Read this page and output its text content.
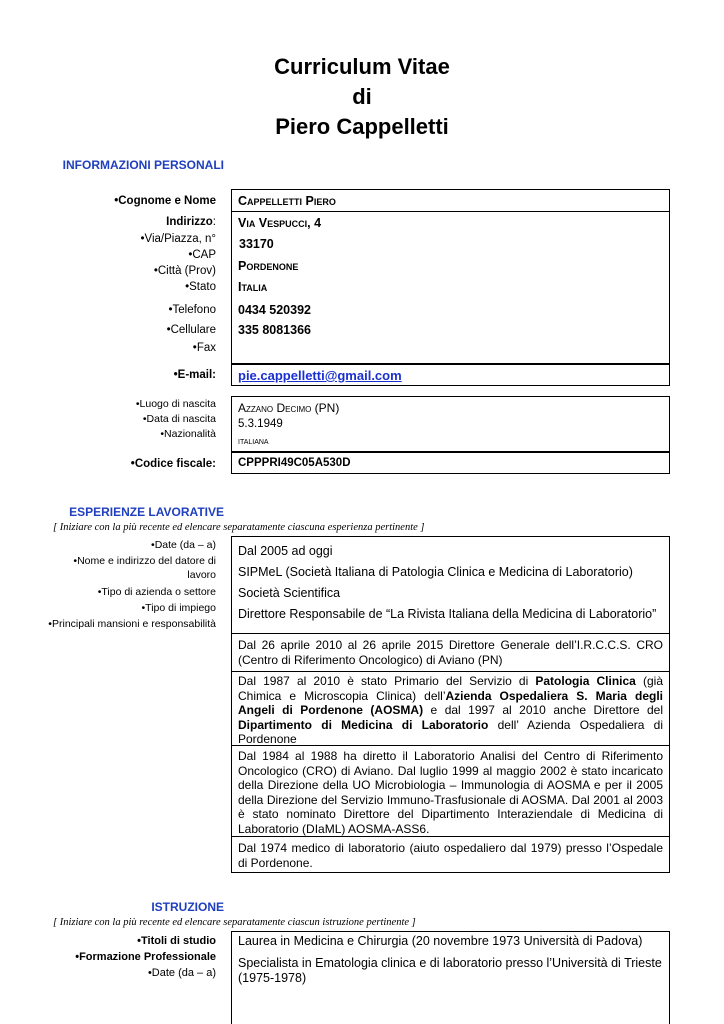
Curriculum Vitae
di
Piero Cappelletti
INFORMAZIONI PERSONALI
•Cognome e Nome Cappelletti Piero
Indirizzo:
•Via/Piazza, n°
•CAP
•Città (Prov)
•Stato
•Telefono
•Cellulare
•Fax
Via Vespucci, 4
33170
Pordenone
Italia
0434 520392
335 8081366
•E-mail: pie.cappelletti@gmail.com
•Luogo di nascita
•Data di nascita
•Nazionalità
Azzano Decimo (PN)
5.3.1949
italiana
•Codice fiscale: CPPPRI49C05A530D
ESPERIENZE LAVORATIVE
[ Iniziare con la più recente ed elencare separatamente ciascuna esperienza pertinente ]
•Date (da – a)
•Nome e indirizzo del datore di
lavoro
•Tipo di azienda o settore
•Tipo di impiego
•Principali mansioni e responsabilità
Dal 2005 ad oggi
SIPMeL (Società Italiana di Patologia Clinica e Medicina di Laboratorio)
Società Scientifica
Direttore Responsabile de “La Rivista Italiana della Medicina di Laboratorio”
Dal 26 aprile 2010 al 26 aprile 2015 Direttore Generale dell’I.R.C.C.S. CRO (Centro di Riferimento Oncologico) di Aviano (PN)
Dal 1987 al 2010 è stato Primario del Servizio di Patologia Clinica (già Chimica e Microscopia Clinica) dell’Azienda Ospedaliera S. Maria degli Angeli di Pordenone (AOSMA) e dal 1997 al 2010 anche Direttore del Dipartimento di Medicina di Laboratorio dell’ Azienda Ospedaliera di Pordenone
Dal 1984 al 1988 ha diretto il Laboratorio Analisi del Centro di Riferimento Oncologico (CRO) di Aviano. Dal luglio 1999 al maggio 2002 è stato incaricato della Direzione della UO Microbiologia – Immunologia di AOSMA e per il 2005 della Direzione del Servizio Immuno-Trasfusionale di AOSMA. Dal 2001 al 2003 è stato nominato Direttore del Dipartimento Interaziendale di Medicina di Laboratorio (DIaML) AOSMA-ASS6.
Dal 1974 medico di laboratorio (aiuto ospedaliero dal 1979) presso l’Ospedale di Pordenone.
ISTRUZIONE
[ Iniziare con la più recente ed elencare separatamente ciascun istruzione pertinente ]
•Titoli di studio
•Formazione Professionale
•Date (da – a)
Laurea in Medicina e Chirurgia (20 novembre 1973 Università di Padova)
Specialista in Ematologia clinica e di laboratorio presso l’Università di Trieste
(1975-1978)
